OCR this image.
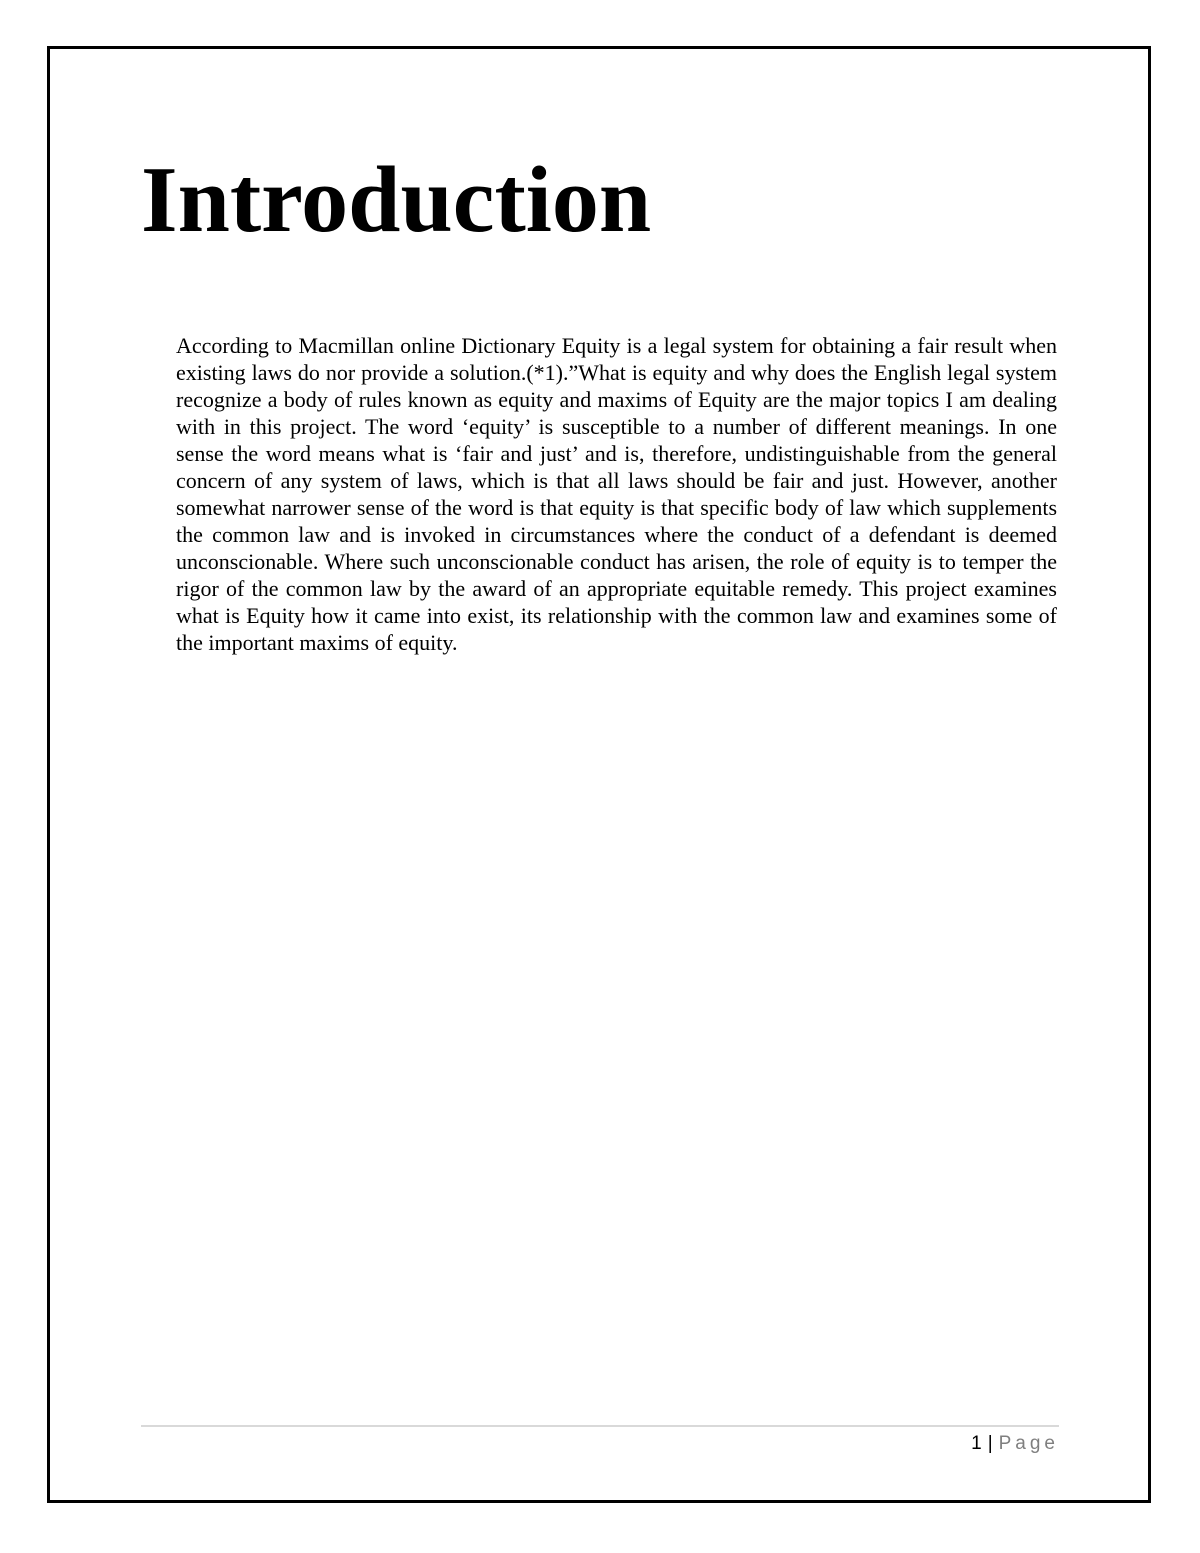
Introduction

According to Macmillan online Dictionary Equity is a legal system for obtaining a fair result when existing laws do nor provide a solution.(*1).”What is equity and why does the English legal system recognize a body of rules known as equity and maxims of Equity are the major topics I am dealing with in this project. The word ‘equity’ is susceptible to a number of different meanings. In one sense the word means what is ‘fair and just’ and is, therefore, undistinguishable from the general concern of any system of laws, which is that all laws should be fair and just. However, another somewhat narrower sense of the word is that equity is that specific body of law which supplements the common law and is invoked in circumstances where the conduct of a defendant is deemed unconscionable. Where such unconscionable conduct has arisen, the role of equity is to temper the rigor of the common law by the award of an appropriate equitable remedy. This project examines what is Equity how it came into exist, its relationship with the common law and examines some of the important maxims of equity.

1 | Page
